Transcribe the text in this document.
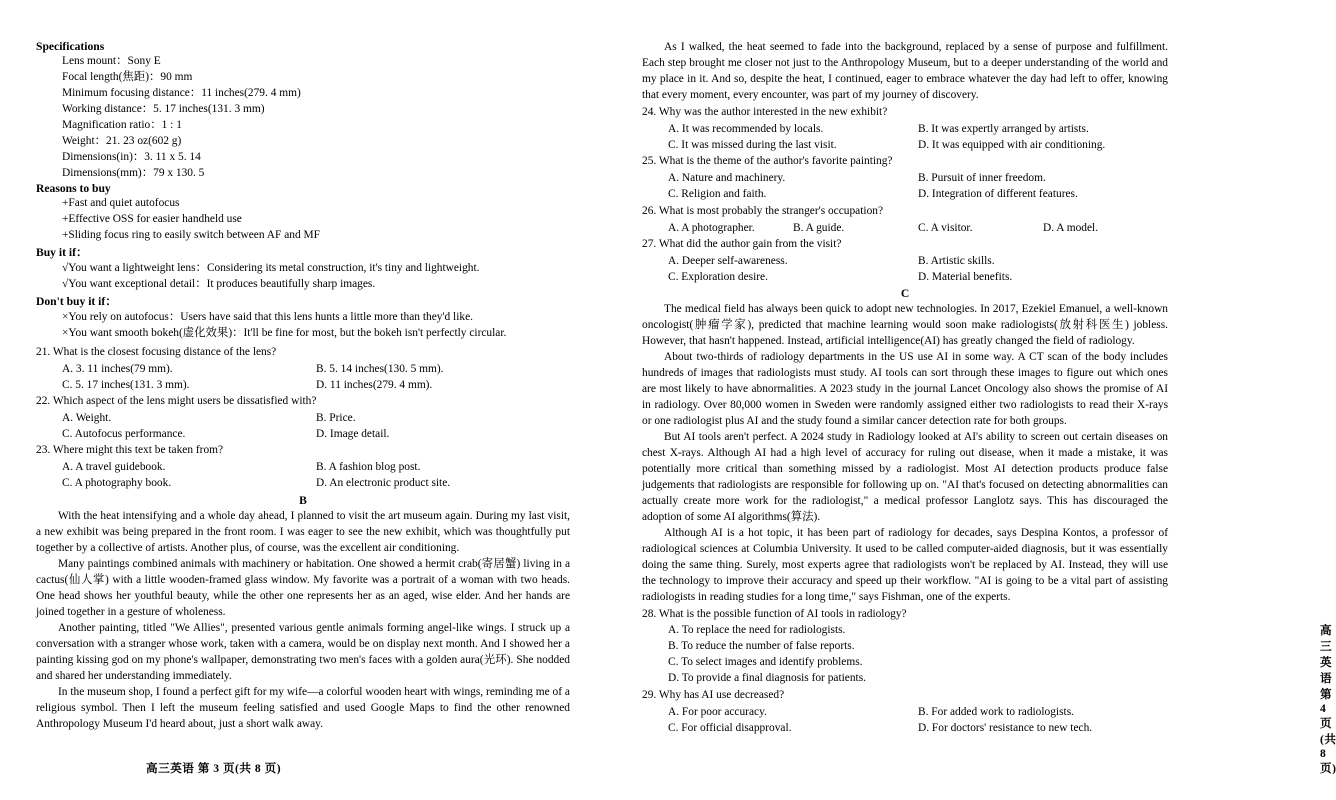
Specifications
Lens mount：Sony E
Focal length(焦距)：90 mm
Minimum focusing distance：11 inches(279. 4 mm)
Working distance：5. 17 inches(131. 3 mm)
Magnification ratio：1 : 1
Weight：21. 23 oz(602 g)
Dimensions(in)：3. 11 x 5. 14
Dimensions(mm)：79 x 130. 5
Reasons to buy
+Fast and quiet autofocus
+Effective OSS for easier handheld use
+Sliding focus ring to easily switch between AF and MF
Buy it if：
√You want a lightweight lens：Considering its metal construction, it's tiny and lightweight.
√You want exceptional detail：It produces beautifully sharp images.
Don't buy it if：
×You rely on autofocus：Users have said that this lens hunts a little more than they'd like.
×You want smooth bokeh(虚化效果)：It'll be fine for most, but the bokeh isn't perfectly circular.
21. What is the closest focusing distance of the lens?
A. 3. 11 inches(79 mm).	B. 5. 14 inches(130. 5 mm).
C. 5. 17 inches(131. 3 mm).	D. 11 inches(279. 4 mm).
22. Which aspect of the lens might users be dissatisfied with?
A. Weight.	B. Price.
C. Autofocus performance.	D. Image detail.
23. Where might this text be taken from?
A. A travel guidebook.	B. A fashion blog post.
C. A photography book.	D. An electronic product site.
B

With the heat intensifying and a whole day ahead, I planned to visit the art museum again. During my last visit, a new exhibit was being prepared in the front room. I was eager to see the new exhibit, which was thoughtfully put together by a collective of artists. Another plus, of course, was the excellent air conditioning.

Many paintings combined animals with machinery or habitation. One showed a hermit crab(寄居蟹) living in a cactus(仙人掌) with a little wooden-framed glass window. My favorite was a portrait of a woman with two heads. One head shows her youthful beauty, while the other one represents her as an aged, wise elder. And her hands are joined together in a gesture of wholeness.

Another painting, titled "We Allies", presented various gentle animals forming angel-like wings. I struck up a conversation with a stranger whose work, taken with a camera, would be on display next month. And I showed her a painting kissing god on my phone's wallpaper, demonstrating two men's faces with a golden aura(光环). She nodded and shared her understanding immediately.

In the museum shop, I found a perfect gift for my wife—a colorful wooden heart with wings, reminding me of a religious symbol. Then I left the museum feeling satisfied and used Google Maps to find the other renowned Anthropology Museum I'd heard about, just a short walk away.

高三英语 第 3 页(共 8 页)

As I walked, the heat seemed to fade into the background, replaced by a sense of purpose and fulfillment. Each step brought me closer not just to the Anthropology Museum, but to a deeper understanding of the world and my place in it. And so, despite the heat, I continued, eager to embrace whatever the day had left to offer, knowing that every moment, every encounter, was part of my journey of discovery.

24. Why was the author interested in the new exhibit?
A. It was recommended by locals.	B. It was expertly arranged by artists.
C. It was missed during the last visit.	D. It was equipped with air conditioning.
25. What is the theme of the author's favorite painting?
A. Nature and machinery.	B. Pursuit of inner freedom.
C. Religion and faith.	D. Integration of different features.
26. What is most probably the stranger's occupation?
A. A photographer.	B. A guide.	C. A visitor.	D. A model.
27. What did the author gain from the visit?
A. Deeper self-awareness.	B. Artistic skills.
C. Exploration desire.	D. Material benefits.
C

The medical field has always been quick to adopt new technologies. In 2017, Ezekiel Emanuel, a well-known oncologist(肿瘤学家), predicted that machine learning would soon make radiologists(放射科医生) jobless. However, that hasn't happened. Instead, artificial intelligence(AI) has greatly changed the field of radiology.

About two-thirds of radiology departments in the US use AI in some way. A CT scan of the body includes hundreds of images that radiologists must study. AI tools can sort through these images to figure out which ones are most likely to have abnormalities. A 2023 study in the journal Lancet Oncology also shows the promise of AI in radiology. Over 80,000 women in Sweden were randomly assigned either two radiologists to read their X-rays or one radiologist plus AI and the study found a similar cancer detection rate for both groups.

But AI tools aren't perfect. A 2024 study in Radiology looked at AI's ability to screen out certain diseases on chest X-rays. Although AI had a high level of accuracy for ruling out disease, when it made a mistake, it was potentially more critical than something missed by a radiologist. Most AI detection products produce false judgements that radiologists are responsible for following up on. "AI that's focused on detecting abnormalities can actually create more work for the radiologist," a medical professor Langlotz says. This has discouraged the adoption of some AI algorithms(算法).

Although AI is a hot topic, it has been part of radiology for decades, says Despina Kontos, a professor of radiological sciences at Columbia University. It used to be called computer-aided diagnosis, but it was essentially doing the same thing. Surely, most experts agree that radiologists won't be replaced by AI. Instead, they will use the technology to improve their accuracy and speed up their workflow. "AI is going to be a vital part of assisting radiologists in reading studies for a long time," says Fishman, one of the experts.

28. What is the possible function of AI tools in radiology?
A. To replace the need for radiologists.
B. To reduce the number of false reports.
C. To select images and identify problems.
D. To provide a final diagnosis for patients.
29. Why has AI use decreased?
A. For poor accuracy.	B. For added work to radiologists.
C. For official disapproval.	D. For doctors' resistance to new tech.
高三英语 第 4 页(共 8 页)
